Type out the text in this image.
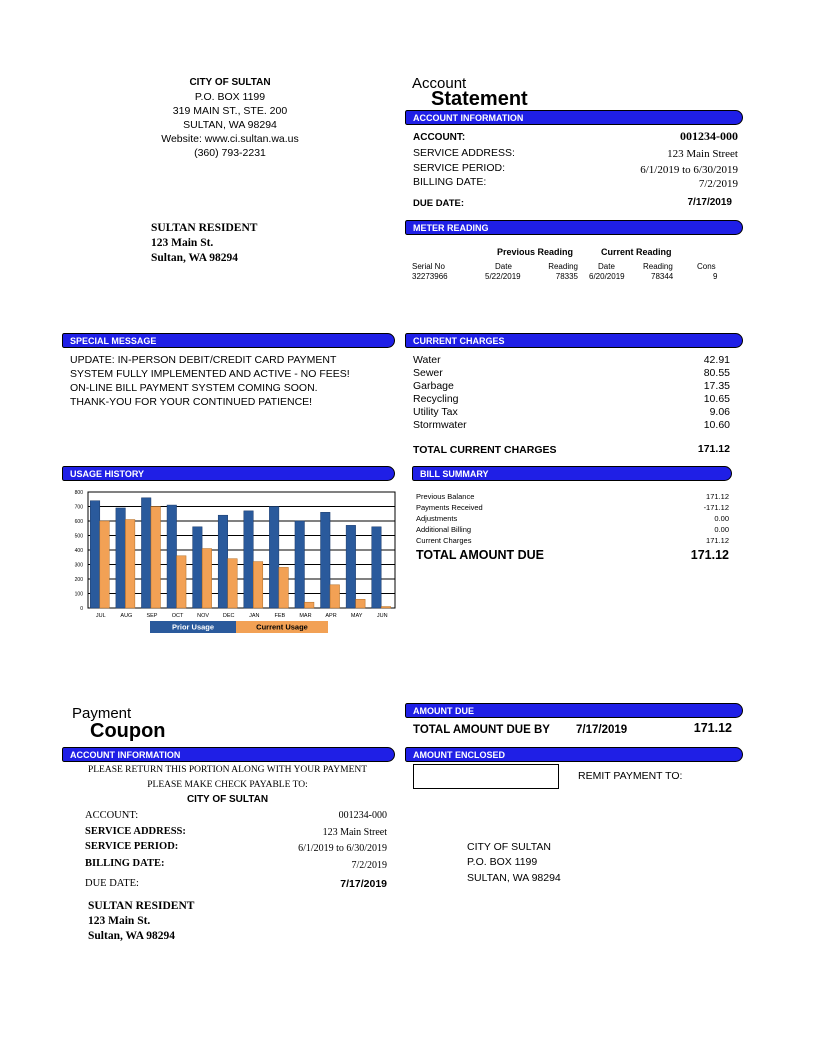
CITY OF SULTAN
P.O. BOX 1199
319 MAIN ST., STE. 200
SULTAN, WA 98294
Website: www.ci.sultan.wa.us
(360) 793-2231
Account
Statement
SULTAN RESIDENT
123 Main St.
Sultan, WA 98294
ACCOUNT INFORMATION
ACCOUNT:	001234-000
SERVICE ADDRESS:	123 Main Street
SERVICE PERIOD:	6/1/2019 to 6/30/2019
BILLING DATE:	7/2/2019
DUE DATE:	7/17/2019
METER READING
Previous Reading	Current Reading
Serial No	Date	Reading	Date	Reading	Cons
32273966	5/22/2019	78335 6/20/2019	78344	9
SPECIAL MESSAGE
UPDATE: IN-PERSON DEBIT/CREDIT CARD PAYMENT
SYSTEM FULLY IMPLEMENTED AND ACTIVE - NO FEES!
ON-LINE BILL PAYMENT SYSTEM COMING SOON.
THANK-YOU FOR YOUR CONTINUED PATIENCE!
CURRENT CHARGES
Water	42.91
Sewer	80.55
Garbage	17.35
Recycling	10.65
Utility Tax	9.06
Stormwater	10.60
TOTAL CURRENT CHARGES	171.12
USAGE HISTORY
0
100
200
300
400
500
600
700
800
JUL	AUG	SEP	OCT	NOV	DEC	JAN	FEB	MAR	APR	MAY	JUN
Prior Usage	Current Usage
BILL SUMMARY
Previous Balance	171.12
Payments Received	-171.12
Adjustments	0.00
Additional Billing	0.00
Current Charges	171.12
TOTAL AMOUNT DUE	171.12
Payment
Coupon
AMOUNT DUE
TOTAL AMOUNT DUE BY 7/17/2019	171.12
ACCOUNT INFORMATION	AMOUNT ENCLOSED
REMIT PAYMENT TO:
PLEASE RETURN THIS PORTION ALONG WITH YOUR PAYMENT
PLEASE MAKE CHECK PAYABLE TO:
CITY OF SULTAN
ACCOUNT:	001234-000
SERVICE ADDRESS:	123 Main Street
SERVICE PERIOD:	6/1/2019 to 6/30/2019
BILLING DATE:	7/2/2019
DUE DATE:	7/17/2019
SULTAN RESIDENT
123 Main St.
Sultan, WA 98294
CITY OF SULTAN
P.O. BOX 1199
SULTAN, WA 98294
